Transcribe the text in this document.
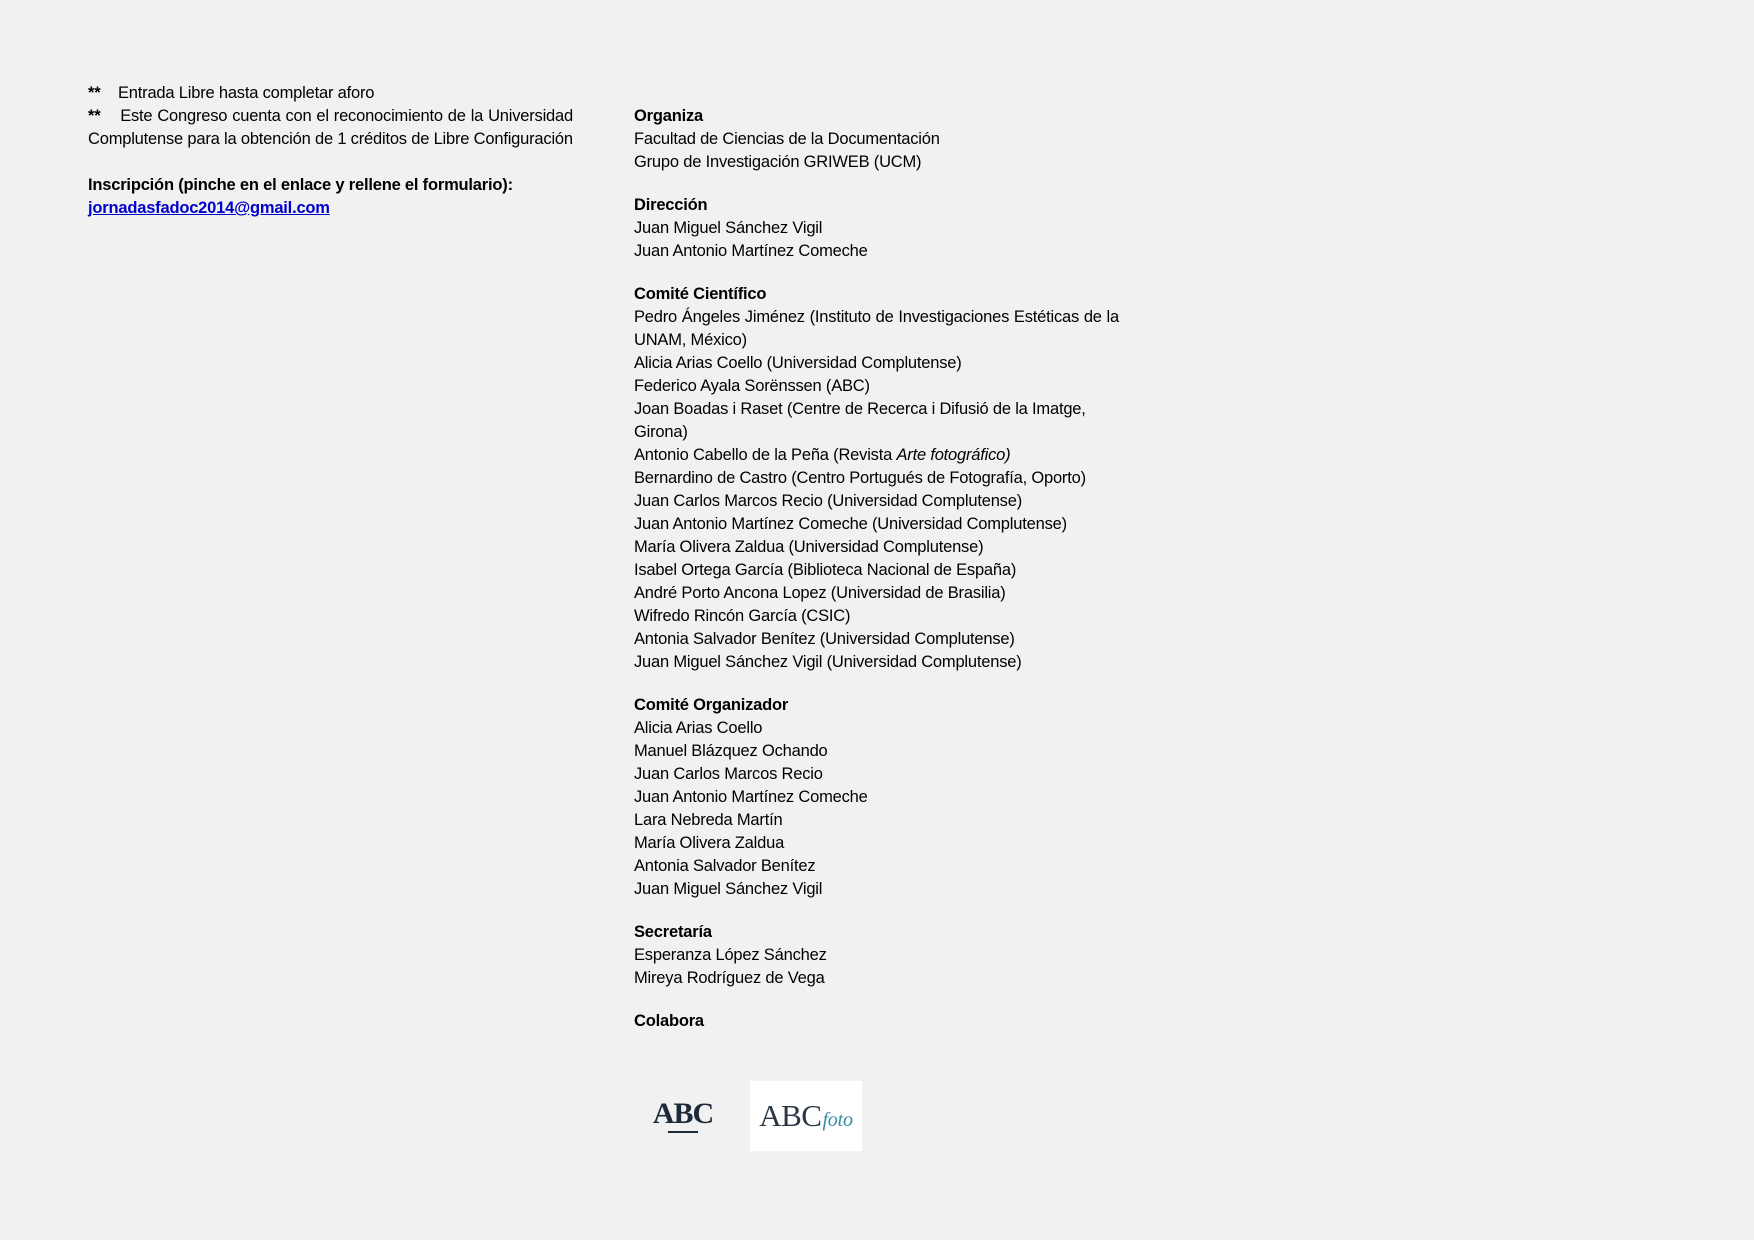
**	Entrada Libre hasta completar aforo
** Este Congreso cuenta con el reconocimiento de la Universidad Complutense para la obtención de 1 créditos de Libre Configuración
Inscripción (pinche en el enlace y rellene el formulario):
jornadasfadoc2014@gmail.com
Organiza
Facultad de Ciencias de la Documentación
Grupo de Investigación GRIWEB (UCM)
Dirección
Juan Miguel Sánchez Vigil
Juan Antonio Martínez Comeche
Comité Científico
Pedro Ángeles Jiménez (Instituto de Investigaciones Estéticas de la UNAM, México)
Alicia Arias Coello (Universidad Complutense)
Federico Ayala Sorënssen (ABC)
Joan Boadas i Raset (Centre de Recerca i Difusió de la Imatge, Girona)
Antonio Cabello de la Peña (Revista Arte fotográfico)
Bernardino de Castro (Centro Portugués de Fotografía, Oporto)
Juan Carlos Marcos Recio (Universidad Complutense)
Juan Antonio Martínez Comeche (Universidad Complutense)
María Olivera Zaldua (Universidad Complutense)
Isabel Ortega García (Biblioteca Nacional de España)
André Porto Ancona Lopez (Universidad de Brasilia)
Wifredo Rincón García (CSIC)
Antonia Salvador Benítez (Universidad Complutense)
Juan Miguel Sánchez Vigil (Universidad Complutense)
Comité Organizador
Alicia Arias Coello
Manuel Blázquez Ochando
Juan Carlos Marcos Recio
Juan Antonio Martínez Comeche
Lara Nebreda Martín
María Olivera Zaldua
Antonia Salvador Benítez
Juan Miguel Sánchez Vigil
Secretaría
Esperanza López Sánchez
Mireya Rodríguez de Vega
Colabora
ABC ABC foto
